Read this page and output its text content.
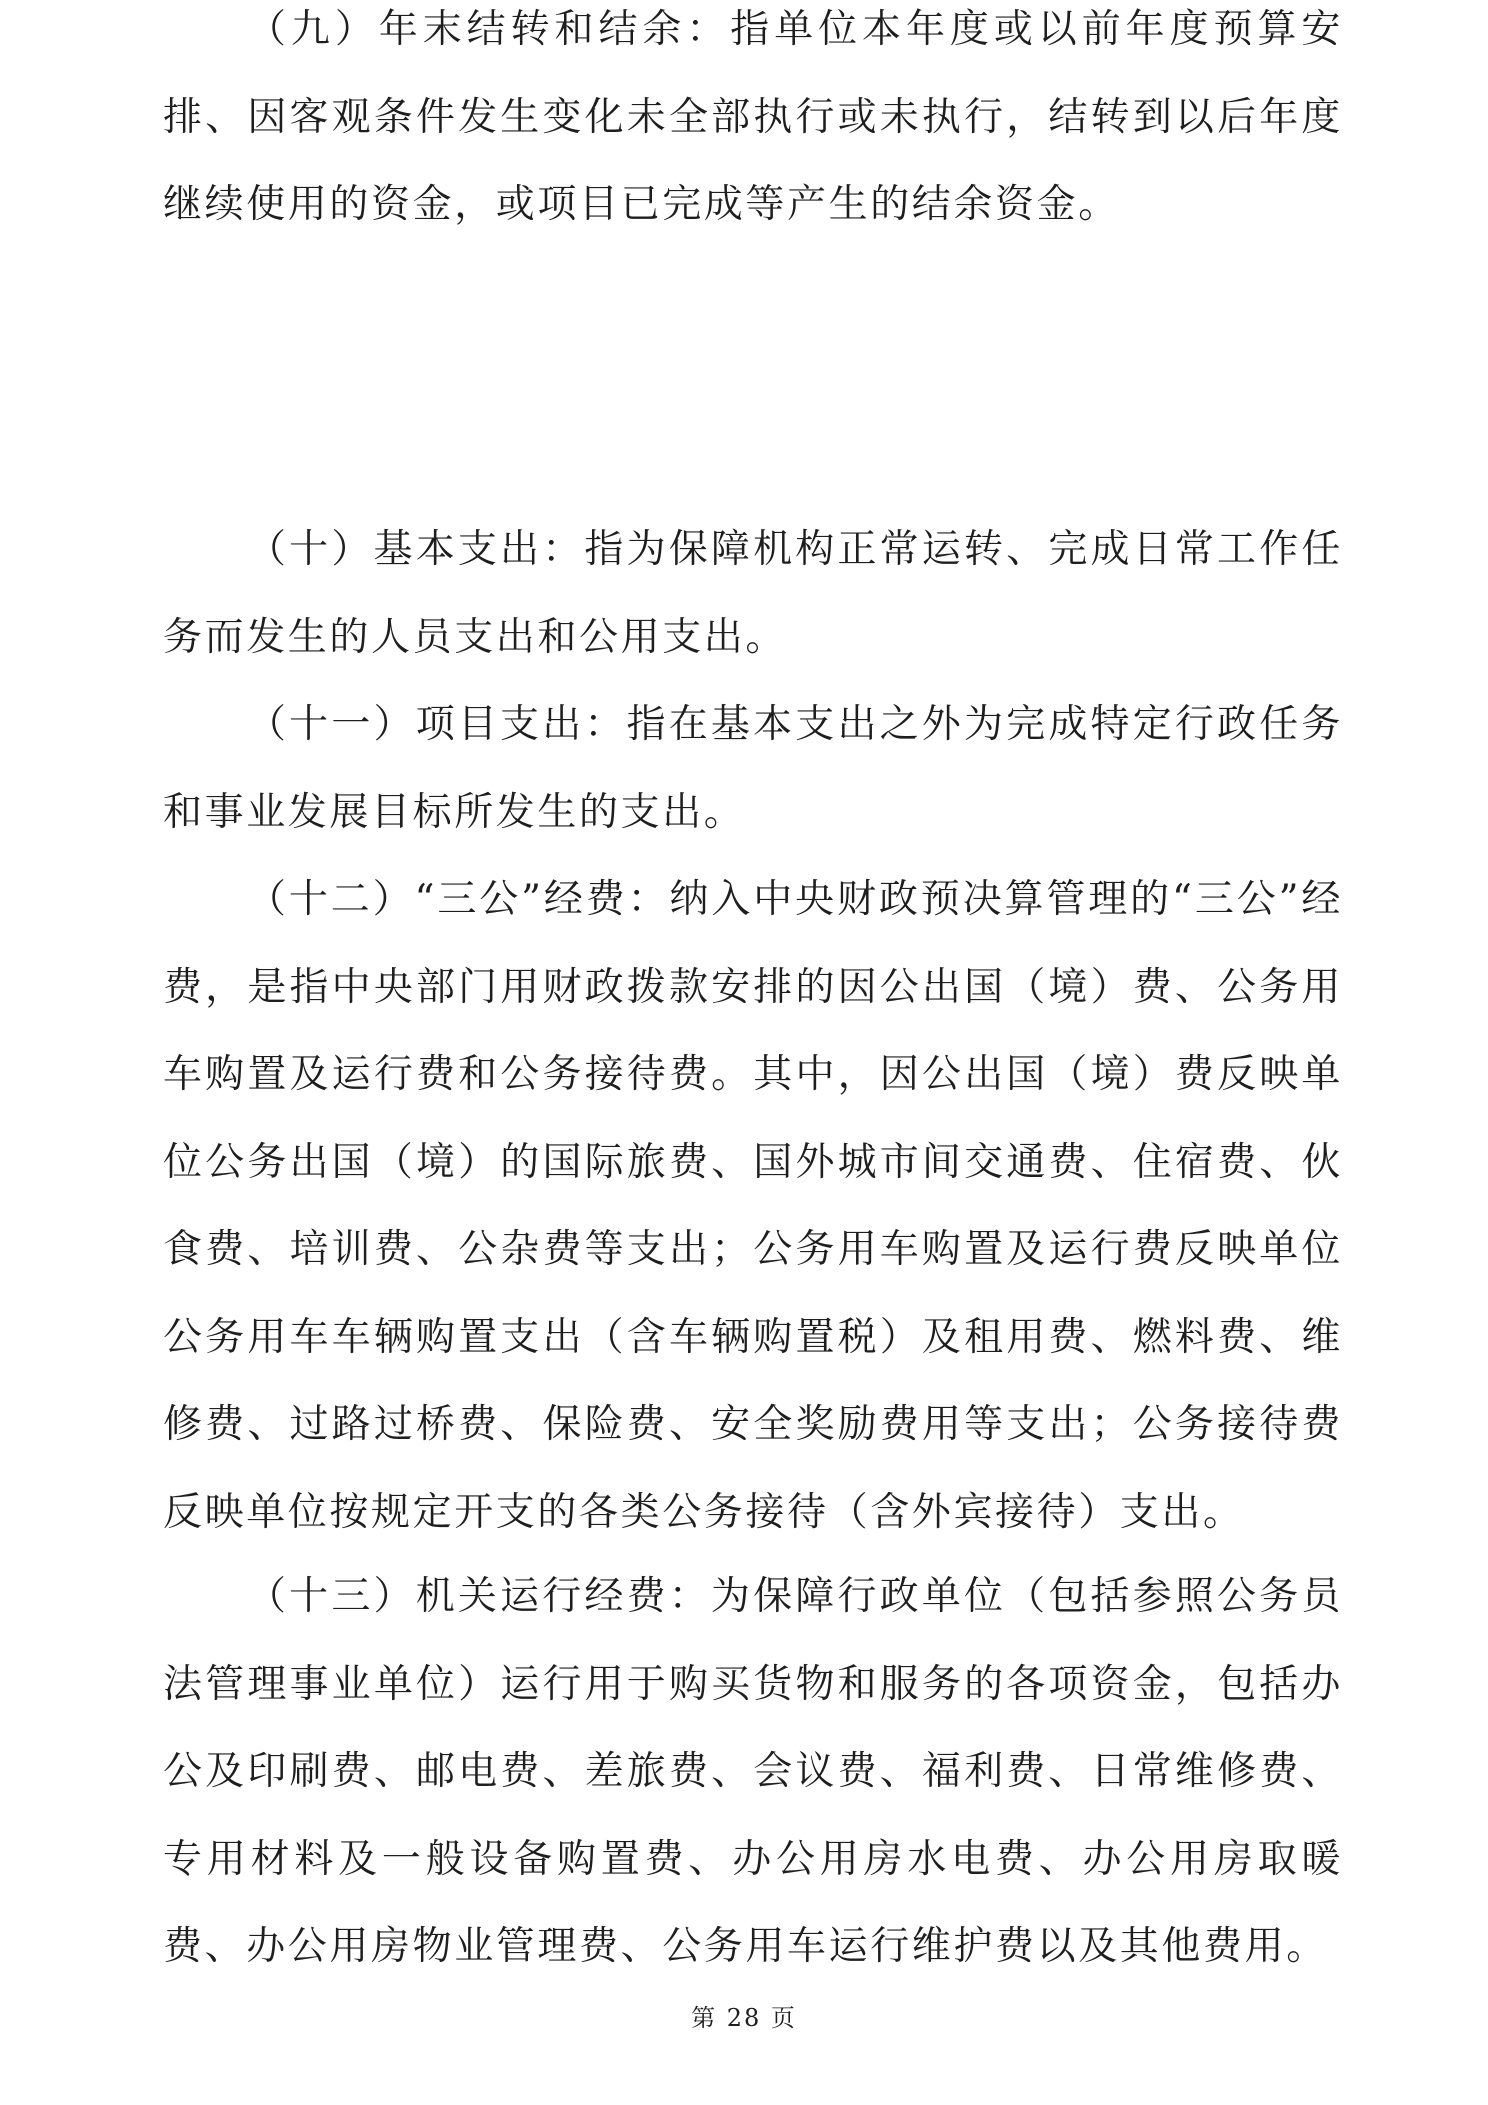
（九）年末结转和结余：指单位本年度或以前年度预算安排、因客观条件发生变化未全部执行或未执行，结转到以后年度继续使用的资金，或项目已完成等产生的结余资金。

（十）基本支出：指为保障机构正常运转、完成日常工作任务而发生的人员支出和公用支出。

（十一）项目支出：指在基本支出之外为完成特定行政任务和事业发展目标所发生的支出。

（十二）“三公”经费：纳入中央财政预决算管理的“三公”经费，是指中央部门用财政拨款安排的因公出国（境）费、公务用车购置及运行费和公务接待费。其中，因公出国（境）费反映单位公务出国（境）的国际旅费、国外城市间交通费、住宿费、伙食费、培训费、公杂费等支出；公务用车购置及运行费反映单位公务用车车辆购置支出（含车辆购置税）及租用费、燃料费、维修费、过路过桥费、保险费、安全奖励费用等支出；公务接待费反映单位按规定开支的各类公务接待（含外宾接待）支出。

（十三）机关运行经费：为保障行政单位（包括参照公务员法管理事业单位）运行用于购买货物和服务的各项资金，包括办公及印刷费、邮电费、差旅费、会议费、福利费、日常维修费、专用材料及一般设备购置费、办公用房水电费、办公用房取暖费、办公用房物业管理费、公务用车运行维护费以及其他费用。

第 28 页
